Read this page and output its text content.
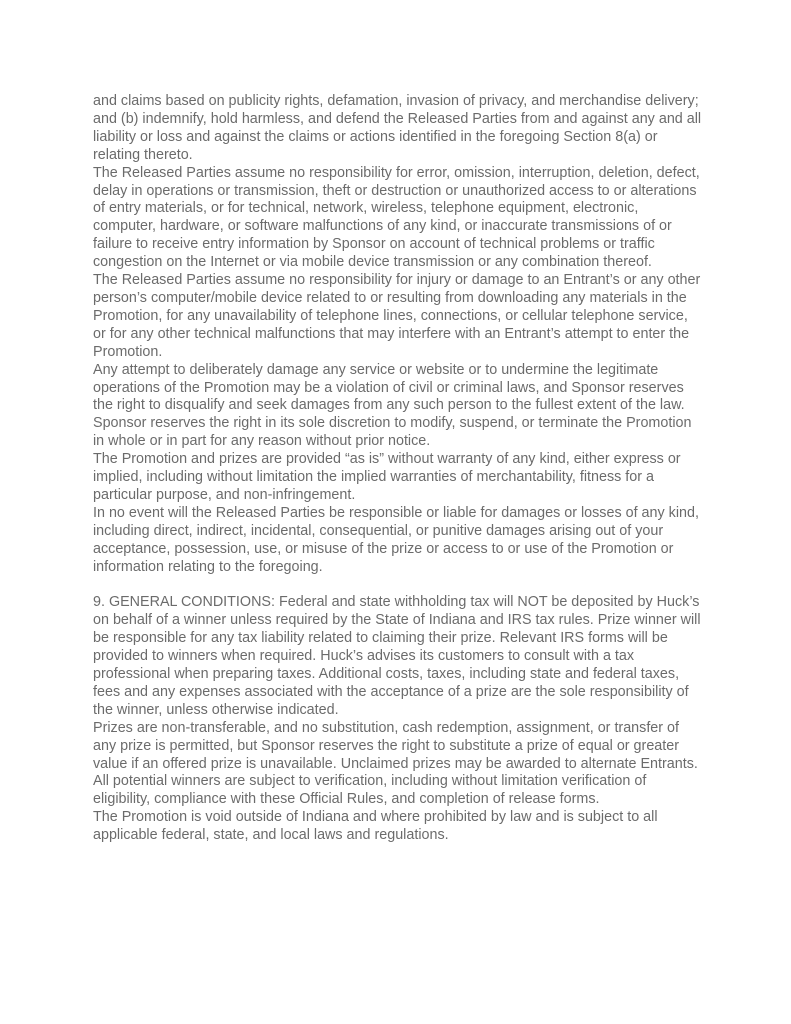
and claims based on publicity rights, defamation, invasion of privacy, and merchandise delivery; and (b) indemnify, hold harmless, and defend the Released Parties from and against any and all liability or loss and against the claims or actions identified in the foregoing Section 8(a) or relating thereto.

The Released Parties assume no responsibility for error, omission, interruption, deletion, defect, delay in operations or transmission, theft or destruction or unauthorized access to or alterations of entry materials, or for technical, network, wireless, telephone equipment, electronic, computer, hardware, or software malfunctions of any kind, or inaccurate transmissions of or failure to receive entry information by Sponsor on account of technical problems or traffic congestion on the Internet or via mobile device transmission or any combination thereof.

The Released Parties assume no responsibility for injury or damage to an Entrant’s or any other person’s computer/mobile device related to or resulting from downloading any materials in the Promotion, for any unavailability of telephone lines, connections, or cellular telephone service, or for any other technical malfunctions that may interfere with an Entrant’s attempt to enter the Promotion.

Any attempt to deliberately damage any service or website or to undermine the legitimate operations of the Promotion may be a violation of civil or criminal laws, and Sponsor reserves the right to disqualify and seek damages from any such person to the fullest extent of the law. Sponsor reserves the right in its sole discretion to modify, suspend, or terminate the Promotion in whole or in part for any reason without prior notice.

The Promotion and prizes are provided “as is” without warranty of any kind, either express or implied, including without limitation the implied warranties of merchantability, fitness for a particular purpose, and non-infringement.

In no event will the Released Parties be responsible or liable for damages or losses of any kind, including direct, indirect, incidental, consequential, or punitive damages arising out of your acceptance, possession, use, or misuse of the prize or access to or use of the Promotion or information relating to the foregoing.

9. GENERAL CONDITIONS: Federal and state withholding tax will NOT be deposited by Huck’s on behalf of a winner unless required by the State of Indiana and IRS tax rules. Prize winner will be responsible for any tax liability related to claiming their prize. Relevant IRS forms will be provided to winners when required. Huck’s advises its customers to consult with a tax professional when preparing taxes. Additional costs, taxes, including state and federal taxes, fees and any expenses associated with the acceptance of a prize are the sole responsibility of the winner, unless otherwise indicated.

Prizes are non-transferable, and no substitution, cash redemption, assignment, or transfer of any prize is permitted, but Sponsor reserves the right to substitute a prize of equal or greater value if an offered prize is unavailable. Unclaimed prizes may be awarded to alternate Entrants.

All potential winners are subject to verification, including without limitation verification of eligibility, compliance with these Official Rules, and completion of release forms.

The Promotion is void outside of Indiana and where prohibited by law and is subject to all applicable federal, state, and local laws and regulations.
